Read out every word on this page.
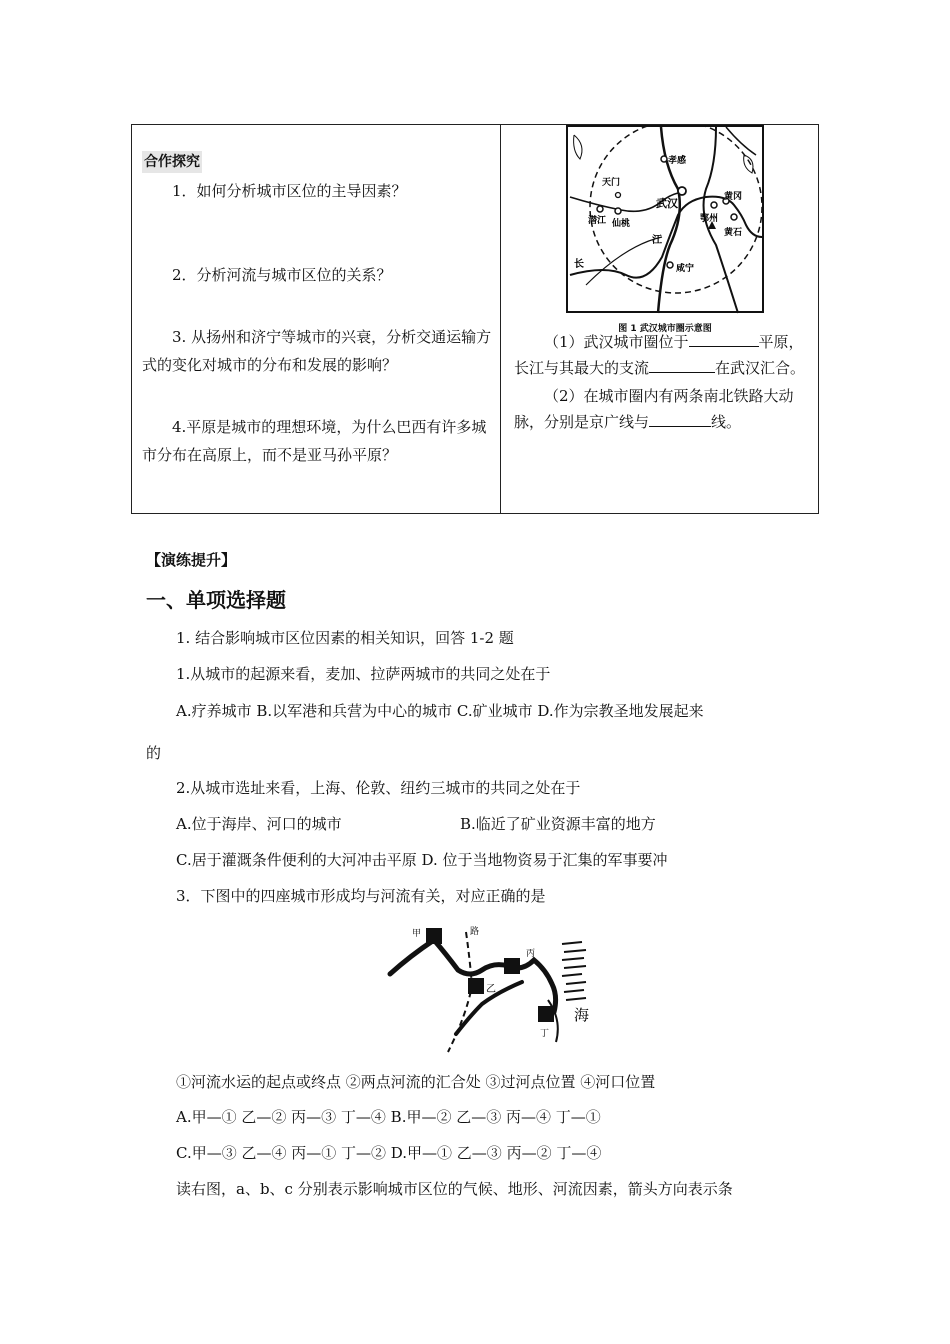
合作探究

1．如何分析城市区位的主导因素？

2．分析河流与城市区位的关系？

3. 从扬州和济宁等城市的兴衰，分析交通运输方式的变化对城市的分布和发展的影响？

4.平原是城市的理想环境，为什么巴西有许多城市分布在高原上，而不是亚马孙平原？

孝感
天门
武汉	黄冈
潜江 仙桃	鄂州
黄石
江
咸宁
长
图 1 武汉城市圈示意图

（1）武汉城市圈位于	平原，长江与其最大的支流	在武汉汇合。

（2）在城市圈内有两条南北铁路大动脉，分别是京广线与	线。

【演练提升】
一、单项选择题
1. 结合影响城市区位因素的相关知识，回答 1-2 题
1.从城市的起源来看，麦加、拉萨两城市的共同之处在于
A.疗养城市 B.以军港和兵营为中心的城市 C.矿业城市 D.作为宗教圣地发展起来
的
2.从城市选址来看，上海、伦敦、纽约三城市的共同之处在于
A.位于海岸、河口的城市	B.临近了矿业资源丰富的地方
C.居于灌溉条件便利的大河冲击平原 D. 位于当地物资易于汇集的军事要冲
3．下图中的四座城市形成均与河流有关，对应正确的是
甲	路
丙
乙
丁
海
①河流水运的起点或终点 ②两点河流的汇合处 ③过河点位置 ④河口位置
A.甲—① 乙—② 丙—③ 丁—④ B.甲—② 乙—③ 丙—④ 丁—①
C.甲—③ 乙—④ 丙—① 丁—② D.甲—① 乙—③ 丙—② 丁—④
读右图，a、b、c 分别表示影响城市区位的气候、地形、河流因素，箭头方向表示条
